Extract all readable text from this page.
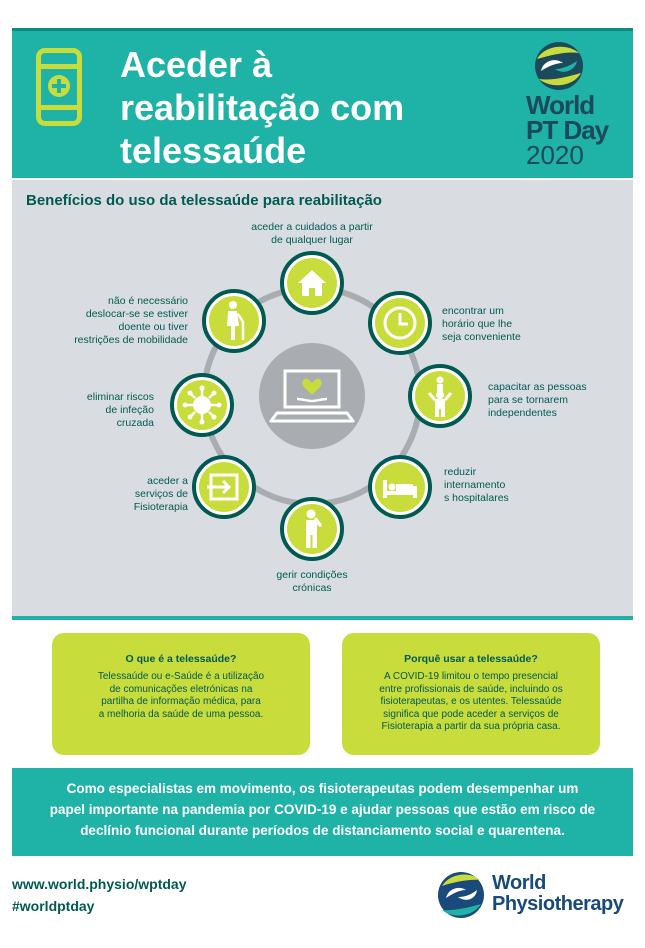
Aceder à
reabilitação com
telessaúde
World
PT Day
2020
Benefícios do uso da telessaúde para reabilitação
aceder a cuidados a partir
de qualquer lugar
encontrar um
horário que lhe
seja conveniente
capacitar as pessoas
para se tornarem
independentes
reduzir
internamento
s hospitalares
gerir condições
crónicas
aceder a
serviços de
Fisioterapia
eliminar riscos
de infeção
cruzada
não é necessário
deslocar-se se estiver
doente ou tiver
restrições de mobilidade
O que é a telessaúde?

Telessaúde ou e-Saúde é a utilização
de comunicações eletrónicas na
partilha de informação médica, para
a melhoria da saúde de uma pessoa.

Porquê usar a telessaúde?

A COVID-19 limitou o tempo presencial
entre profissionais de saúde, incluindo os
fisioterapeutas, e os utentes. Telessaúde
significa que pode aceder a serviços de
Fisioterapia a partir da sua própria casa.

Como especialistas em movimento, os fisioterapeutas podem desempenhar um
papel importante na pandemia por COVID-19 e ajudar pessoas que estão em risco de
declínio funcional durante períodos de distanciamento social e quarentena.
www.world.physio/wptday
#worldptday
World
Physiotherapy
